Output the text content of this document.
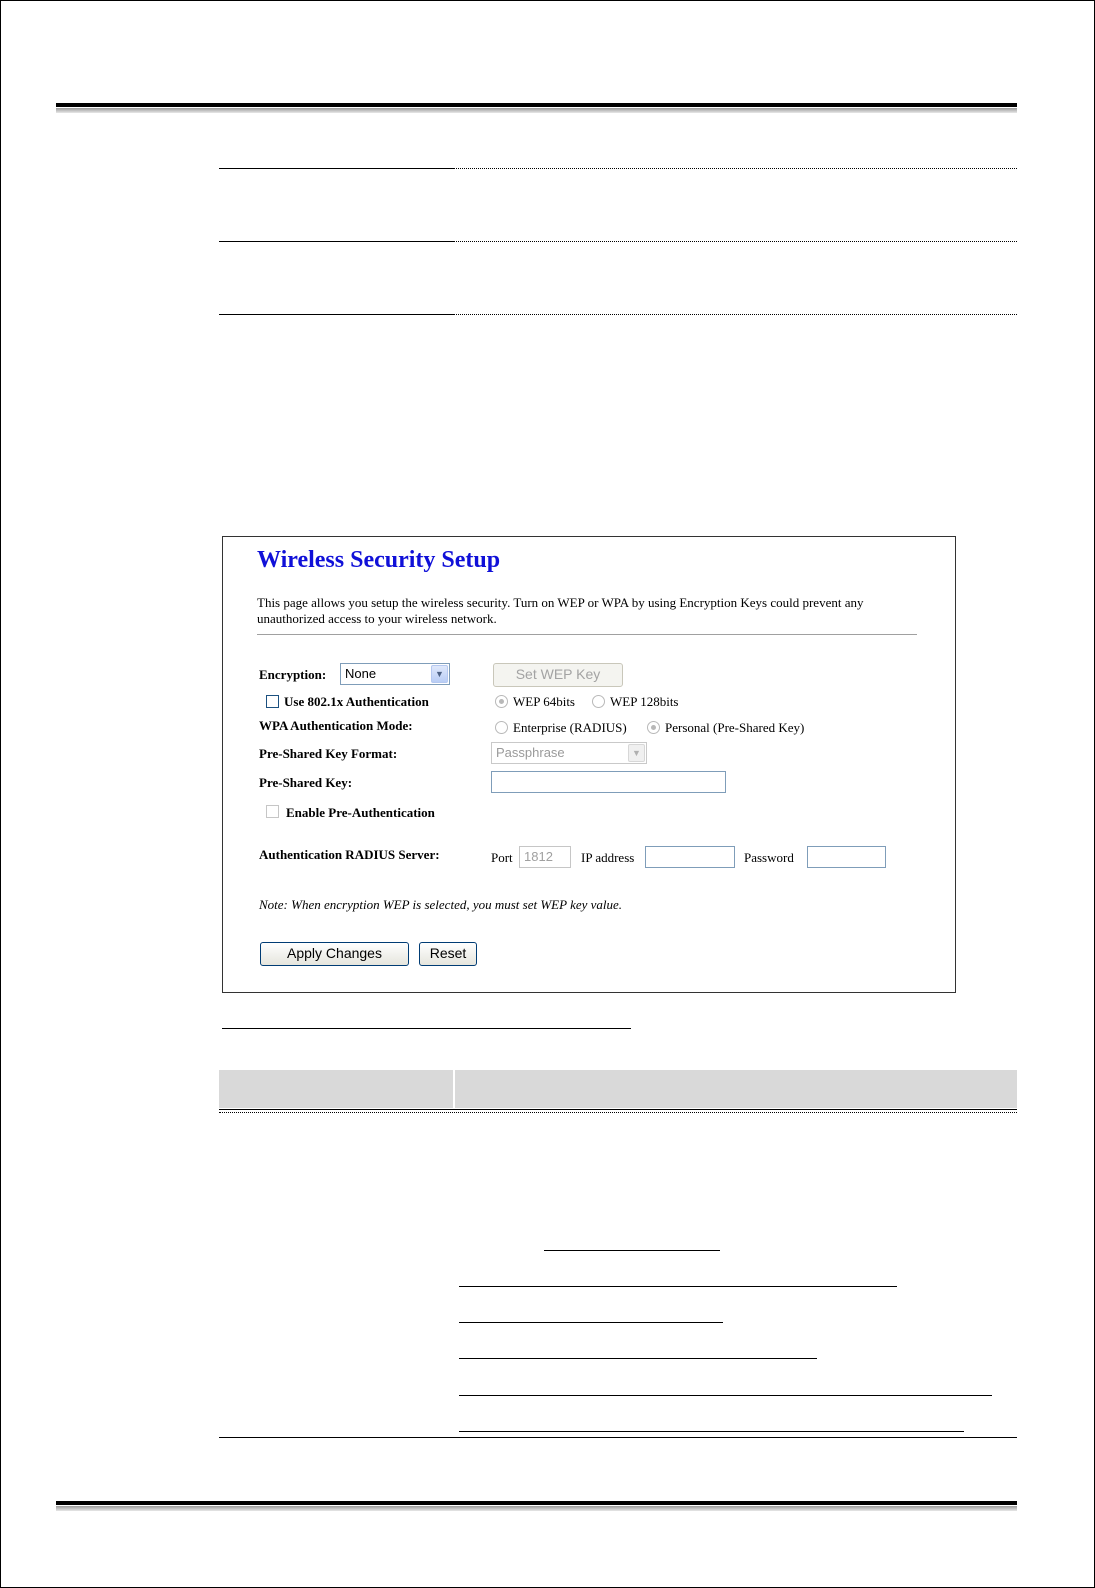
Wireless Security Setup
This page allows you setup the wireless security. Turn on WEP or WPA by using Encryption Keys could prevent any unauthorized access to your wireless network.
Encryption:	None	▼	Set WEP Key
Use 802.1x Authentication	WEP 64bits	WEP 128bits
WPA Authentication Mode:	Enterprise (RADIUS)	Personal (Pre-Shared Key)
Pre-Shared Key Format:	Passphrase	▼
Pre-Shared Key:
Enable Pre-Authentication
Authentication RADIUS Server:	Port 1812	IP address	Password
Note: When encryption WEP is selected, you must set WEP key value.
Apply Changes	Reset
